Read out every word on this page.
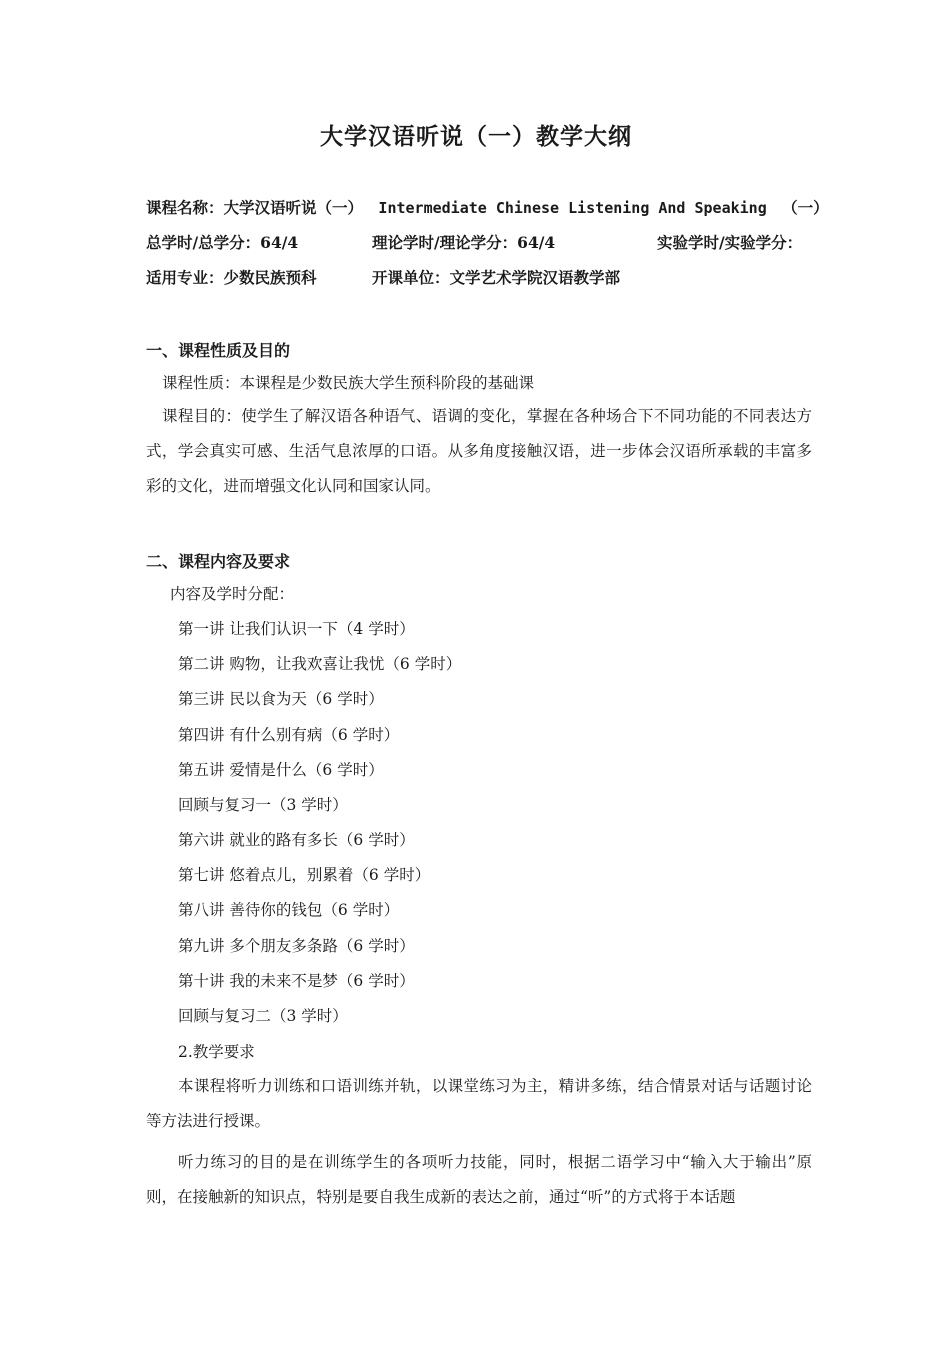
大学汉语听说（一）教学大纲
课程名称：大学汉语听说（一） Intermediate Chinese Listening And Speaking （一）
总学时/总学分：64/4	理论学时/理论学分：64/4	实验学时/实验学分：
适用专业：少数民族预科	开课单位：文学艺术学院汉语教学部
一、课程性质及目的
课程性质：本课程是少数民族大学生预科阶段的基础课
课程目的：使学生了解汉语各种语气、语调的变化，掌握在各种场合下不同功能的不同表达方式，学会真实可感、生活气息浓厚的口语。从多角度接触汉语，进一步体会汉语所承载的丰富多彩的文化，进而增强文化认同和国家认同。
二、课程内容及要求
内容及学时分配：
第一讲 让我们认识一下（4 学时）
第二讲 购物，让我欢喜让我忧（6 学时）
第三讲 民以食为天（6 学时）
第四讲 有什么别有病（6 学时）
第五讲 爱情是什么（6 学时）
回顾与复习一（3 学时）
第六讲 就业的路有多长（6 学时）
第七讲 悠着点儿，别累着（6 学时）
第八讲 善待你的钱包（6 学时）
第九讲 多个朋友多条路（6 学时）
第十讲 我的未来不是梦（6 学时）
回顾与复习二（3 学时）
2.教学要求
本课程将听力训练和口语训练并轨，以课堂练习为主，精讲多练，结合情景对话与话题讨论等方法进行授课。
听力练习的目的是在训练学生的各项听力技能，同时，根据二语学习中“输入大于输出”原则，在接触新的知识点，特别是要自我生成新的表达之前，通过“听”的方式将于本话题
